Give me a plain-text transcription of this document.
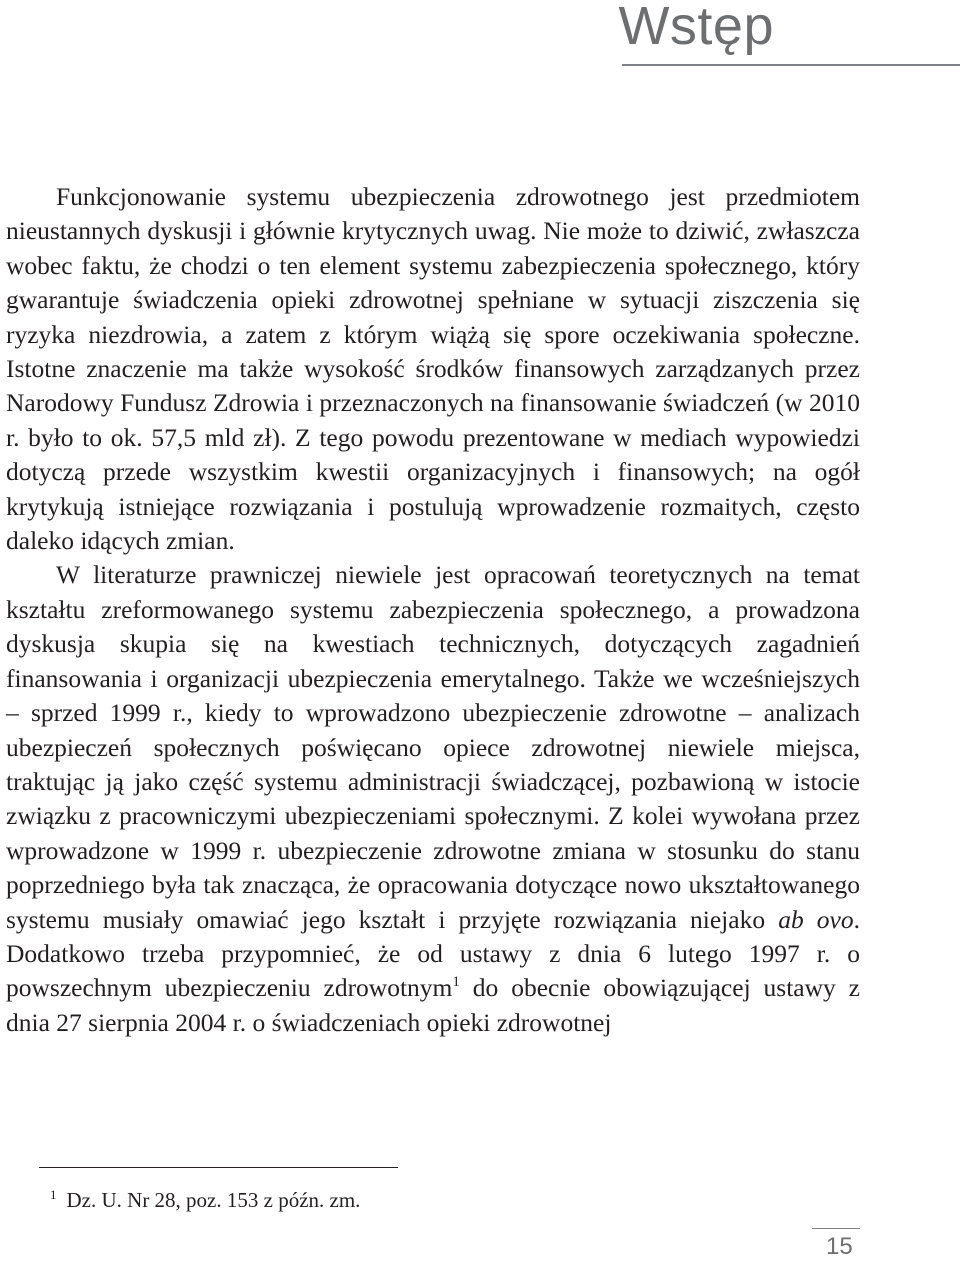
Wstęp

Funkcjonowanie systemu ubezpieczenia zdrowotnego jest przedmiotem nieustannych dyskusji i głównie krytycznych uwag. Nie może to dziwić, zwłaszcza wobec faktu, że chodzi o ten element systemu zabezpieczenia społecznego, który gwarantuje świadczenia opieki zdrowotnej spełniane w sytuacji ziszczenia się ryzyka niezdrowia, a zatem z którym wiążą się spore oczekiwania społeczne. Istotne znaczenie ma także wysokość środków finansowych zarządzanych przez Narodowy Fundusz Zdrowia i przeznaczonych na finansowanie świadczeń (w 2010 r. było to ok. 57,5 mld zł). Z tego powodu prezentowane w mediach wypowiedzi dotyczą przede wszystkim kwestii organizacyjnych i finansowych; na ogół krytykują istniejące rozwiązania i postulują wprowadzenie rozmaitych, często daleko idących zmian.

W literaturze prawniczej niewiele jest opracowań teoretycznych na temat kształtu zreformowanego systemu zabezpieczenia społecznego, a prowadzona dyskusja skupia się na kwestiach technicznych, dotyczących zagadnień finansowania i organizacji ubezpieczenia emerytalnego. Także we wcześniejszych – sprzed 1999 r., kiedy to wprowadzono ubezpieczenie zdrowotne – analizach ubezpieczeń społecznych poświęcano opiece zdrowotnej niewiele miejsca, traktując ją jako część systemu administracji świadczącej, pozbawioną w istocie związku z pracowniczymi ubezpieczeniami społecznymi. Z kolei wywołana przez wprowadzone w 1999 r. ubezpieczenie zdrowotne zmiana w stosunku do stanu poprzedniego była tak znacząca, że opracowania dotyczące nowo ukształtowanego systemu musiały omawiać jego kształt i przyjęte rozwiązania niejako ab ovo. Dodatkowo trzeba przypomnieć, że od ustawy z dnia 6 lutego 1997 r. o powszechnym ubezpieczeniu zdrowotnym$^1$ do obecnie obowiązującej ustawy z dnia 27 sierpnia 2004 r. o świadczeniach opieki zdrowotnej

$^1$ Dz. U. Nr 28, poz. 153 z późn. zm.
15
